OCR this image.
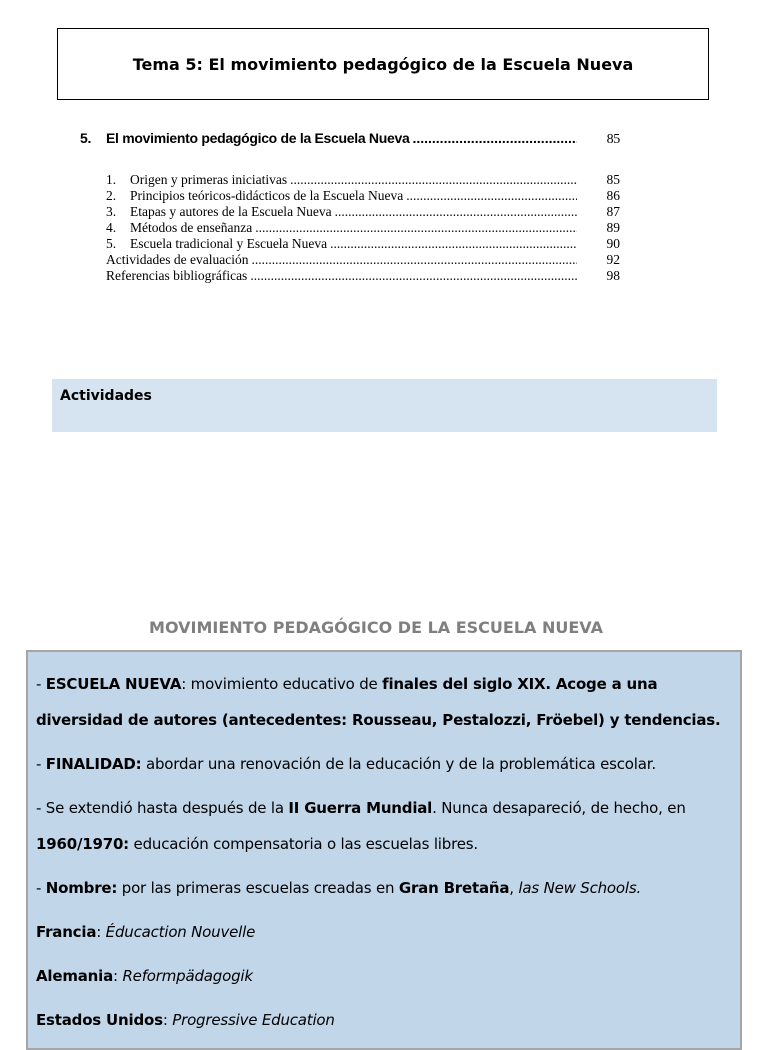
Tema 5: El movimiento pedagógico de la Escuela Nueva
5.	El movimiento pedagógico de la Escuela Nueva .....	85
1.	Origen y primeras iniciativas .....	85
2.	Principios teóricos-didácticos de la Escuela Nueva .....	86
3.	Etapas y autores de la Escuela Nueva .....	87
4.	Métodos de enseñanza .....	89
5.	Escuela tradicional y Escuela Nueva .....	90
Actividades de evaluación .....	92
Referencias bibliográficas .....	98
Actividades
MOVIMIENTO PEDAGÓGICO DE LA ESCUELA NUEVA

- ESCUELA NUEVA: movimiento educativo de finales del siglo XIX. Acoge a una diversidad de autores (antecedentes: Rousseau, Pestalozzi, Fröebel) y tendencias.

- FINALIDAD: abordar una renovación de la educación y de la problemática escolar.

- Se extendió hasta después de la II Guerra Mundial. Nunca desapareció, de hecho, en 1960/1970: educación compensatoria o las escuelas libres.

- Nombre: por las primeras escuelas creadas en Gran Bretaña, las New Schools.

Francia: Éducaction Nouvelle

Alemania: Reformpädagogik

Estados Unidos: Progressive Education
